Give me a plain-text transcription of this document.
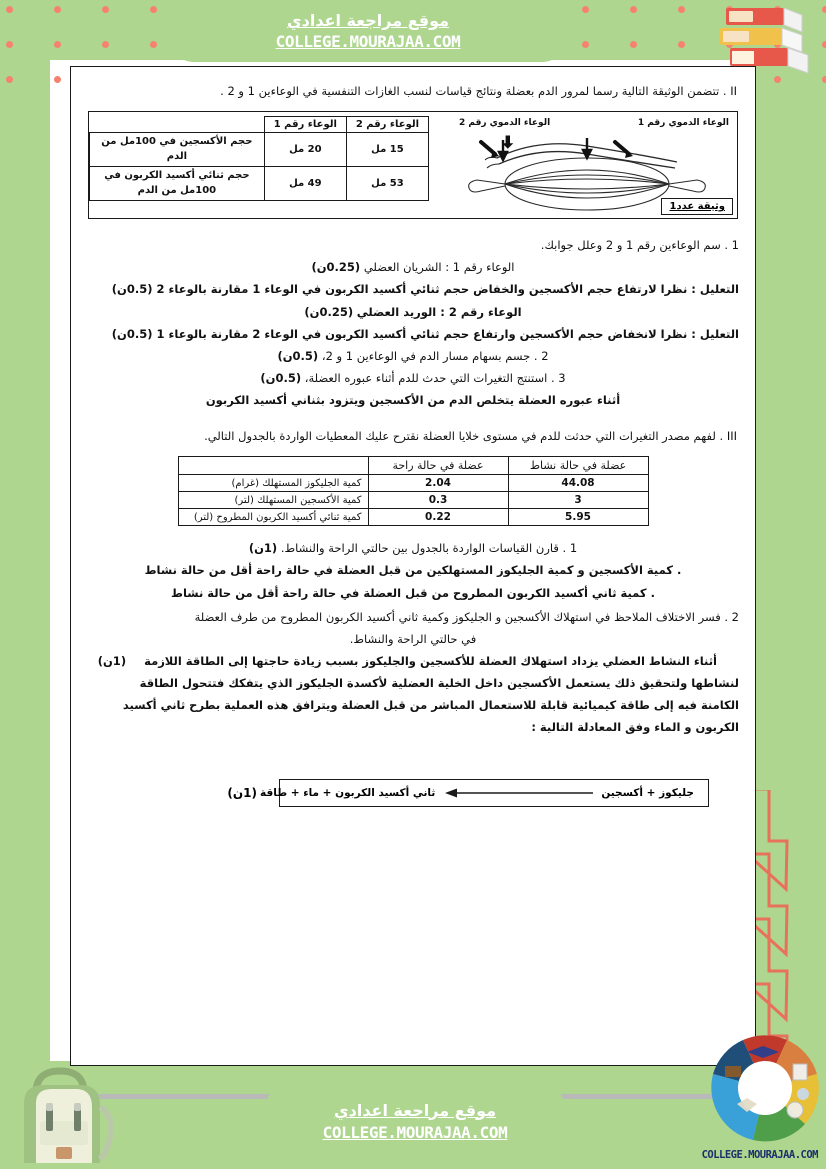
II . تتضمن الوثيقة التالية رسما لمرور الدم بعضلة ونتائج قياسات لنسب الغازات التنفسية في الوعاءين 1 و 2 .
الوعاء الدموي رقم 1
الوعاء الدموي رقم 2
وثيقة عدد1
الوعاء رقم 2	الوعاء رقم 1	
15 مل	20 مل	حجم الأكسجين في 100مل من الدم
53 مل	49 مل	حجم ثنائي أكسيد الكربون في 100مل من الدم
1 . سم الوعاءين رقم 1 و 2 وعلل جوابك.
الوعاء رقم 1 : الشريان العضلي (0.25ن)
التعليل : نظرا لارتفاع حجم الأكسجين والخفاض حجم ثنائي أكسيد الكربون في الوعاء 1 مقارنة بالوعاء 2 (0.5ن)
الوعاء رقم 2 : الوريد العضلي (0.25ن)
التعليل : نظرا لانخفاض حجم الأكسجين وارتفاع حجم ثنائي أكسيد الكربون في الوعاء 2 مقارنة بالوعاء 1 (0.5ن)
2 . جسم بسهام مسار الدم في الوعاءين 1 و 2، (0.5ن)
3 . استنتج التغيرات التي حدث للدم أثناء عبوره العضلة، (0.5ن)
أثناء عبوره العضلة يتخلص الدم من الأكسجين ويتزود بثناني أكسيد الكربون
III . لفهم مصدر التغيرات التي حدثت للدم في مستوى خلايا العضلة نقترح عليك المعطيات الواردة بالجدول التالي.
عضلة في حالة نشاط	عضلة في حالة راحة	
44.08	2.04	كمية الجليكوز المستهلك (غرام)
3	0.3	كمية الأكسجين المستهلك (لتر)
5.95	0.22	كمية ثنائي أكسيد الكربون المطروح (لتر)
1 . قارن القياسات الواردة بالجدول بين حالتي الراحة والنشاط. (1ن)
. كمية الأكسجين و كمية الجليكوز المستهلكين من قبل العضلة في حالة راحة أقل من حالة نشاط
. كمية ثاني أكسيد الكربون المطروح من قبل العضلة في حالة راحة أقل من حالة نشاط
2 . فسر الاختلاف الملاحظ في استهلاك الأكسجين و الجليكوز وكمية ثاني أكسيد الكربون المطروح من طرف العضلة
في حالتي الراحة والنشاط.
أثناء النشاط العضلي يزداد استهلاك العضلة للأكسجين والجليكوز بسبب زيادة حاجتها إلى الطاقة اللازمة (1ن)
لنشاطها ولتحقيق ذلك يستعمل الأكسجين داخل الخلية العضلية لأكسدة الجليكوز الذي يتفكك فتتحول الطاقة
الكامنة فيه إلى طاقة كيميائية قابلة للاستعمال المباشر من قبل العضلة ويترافق هذه العملية بطرح ثاني أكسيد
الكربون و الماء وفق المعادلة التالية :
جليكوز + أكسجين
ثاني أكسيد الكربون + ماء + طاقة
(1ن)
موقع مراجعة اعدادي
COLLEGE.MOURAJAA.COM
COLLEGE.MOURAJAA.COM
موقع مراجعة اعدادي
COLLEGE.MOURAJAA.COM
